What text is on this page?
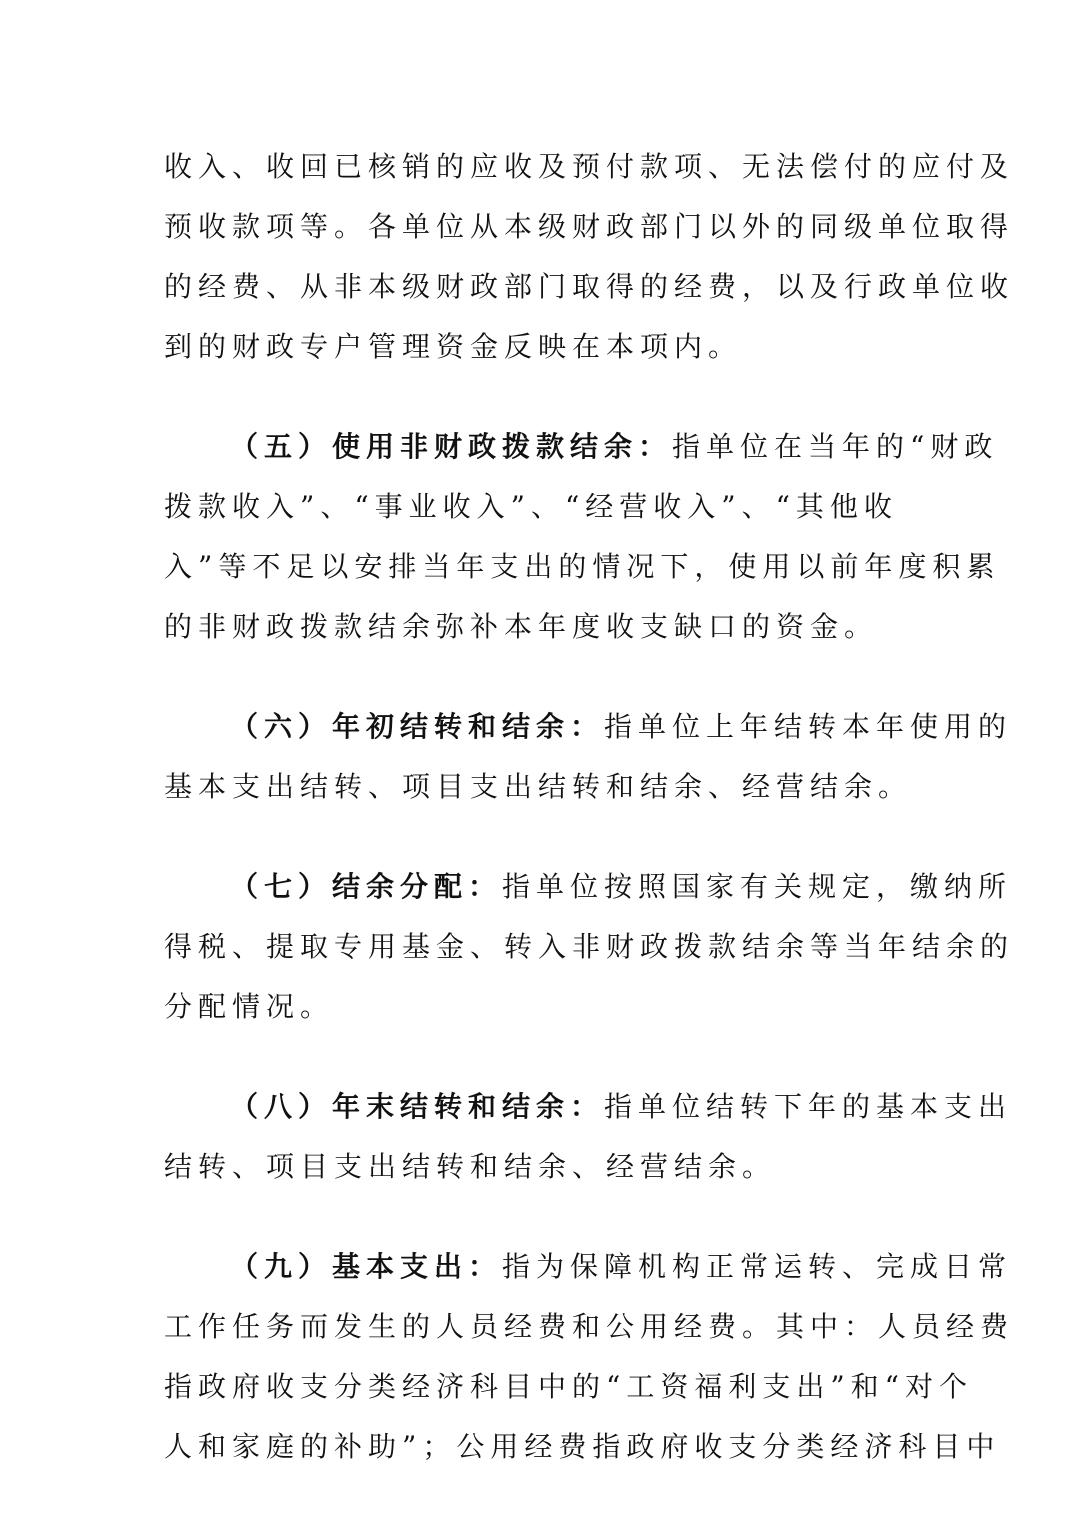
收入、收回已核销的应收及预付款项、无法偿付的应付及
预收款项等。各单位从本级财政部门以外的同级单位取得
的经费、从非本级财政部门取得的经费，以及行政单位收
到的财政专户管理资金反映在本项内。
（五）使用非财政拨款结余：指单位在当年的“财政
拨款收入”、“事业收入”、“经营收入”、“其他收
入”等不足以安排当年支出的情况下，使用以前年度积累
的非财政拨款结余弥补本年度收支缺口的资金。
（六）年初结转和结余：指单位上年结转本年使用的
基本支出结转、项目支出结转和结余、经营结余。
（七）结余分配：指单位按照国家有关规定，缴纳所
得税、提取专用基金、转入非财政拨款结余等当年结余的
分配情况。
（八）年末结转和结余：指单位结转下年的基本支出
结转、项目支出结转和结余、经营结余。
（九）基本支出：指为保障机构正常运转、完成日常
工作任务而发生的人员经费和公用经费。其中：人员经费
指政府收支分类经济科目中的“工资福利支出”和“对个
人和家庭的补助”；公用经费指政府收支分类经济科目中
